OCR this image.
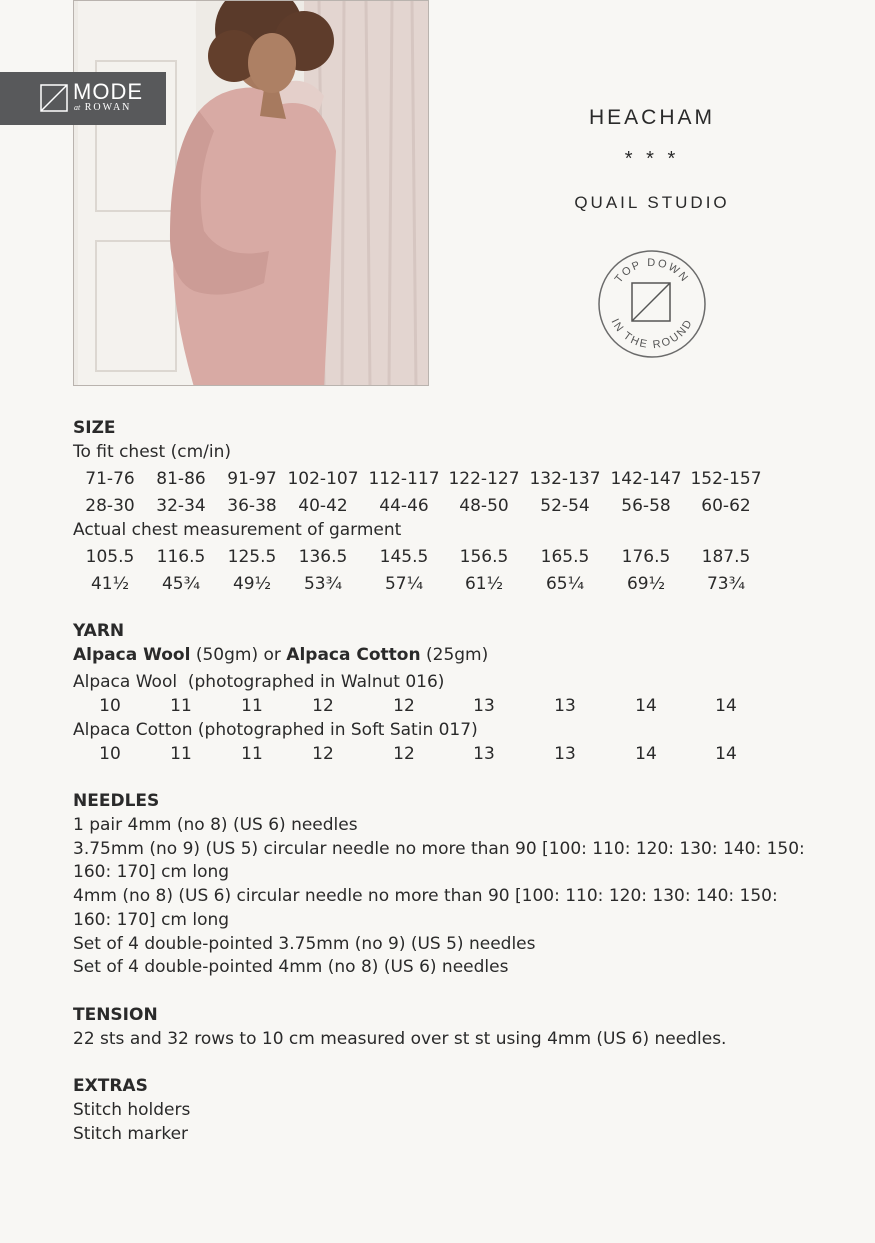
MODE
at ROWAN	HEACHAM
* * *
QUAIL STUDIO
TOP DOWN
IN THE ROUND
SIZE
To fit chest (cm/in)
71-76	81-86	91-97 102-107 112-117 122-127 132-137 142-147 152-157
28-30	32-34	36-38	40-42	44-46	48-50	52-54	56-58	60-62
Actual chest measurement of garment
105.5	116.5	125.5	136.5	145.5	156.5	165.5	176.5	187.5
41½	45¾	49½	53¾	57¼	61½	65¼	69½	73¾
YARN
Alpaca Wool (50gm) or Alpaca Cotton (25gm)
Alpaca Wool  (photographed in Walnut 016)
10	11	11	12	12	13	13	14	14
Alpaca Cotton (photographed in Soft Satin 017)
10	11	11	12	12	13	13	14	14
NEEDLES
1 pair 4mm (no 8) (US 6) needles
3.75mm (no 9) (US 5) circular needle no more than 90 [100: 110: 120: 130: 140: 150:
160: 170] cm long
4mm (no 8) (US 6) circular needle no more than 90 [100: 110: 120: 130: 140: 150:
160: 170] cm long
Set of 4 double-pointed 3.75mm (no 9) (US 5) needles
Set of 4 double-pointed 4mm (no 8) (US 6) needles
TENSION
22 sts and 32 rows to 10 cm measured over st st using 4mm (US 6) needles.
EXTRAS
Stitch holders
Stitch marker
